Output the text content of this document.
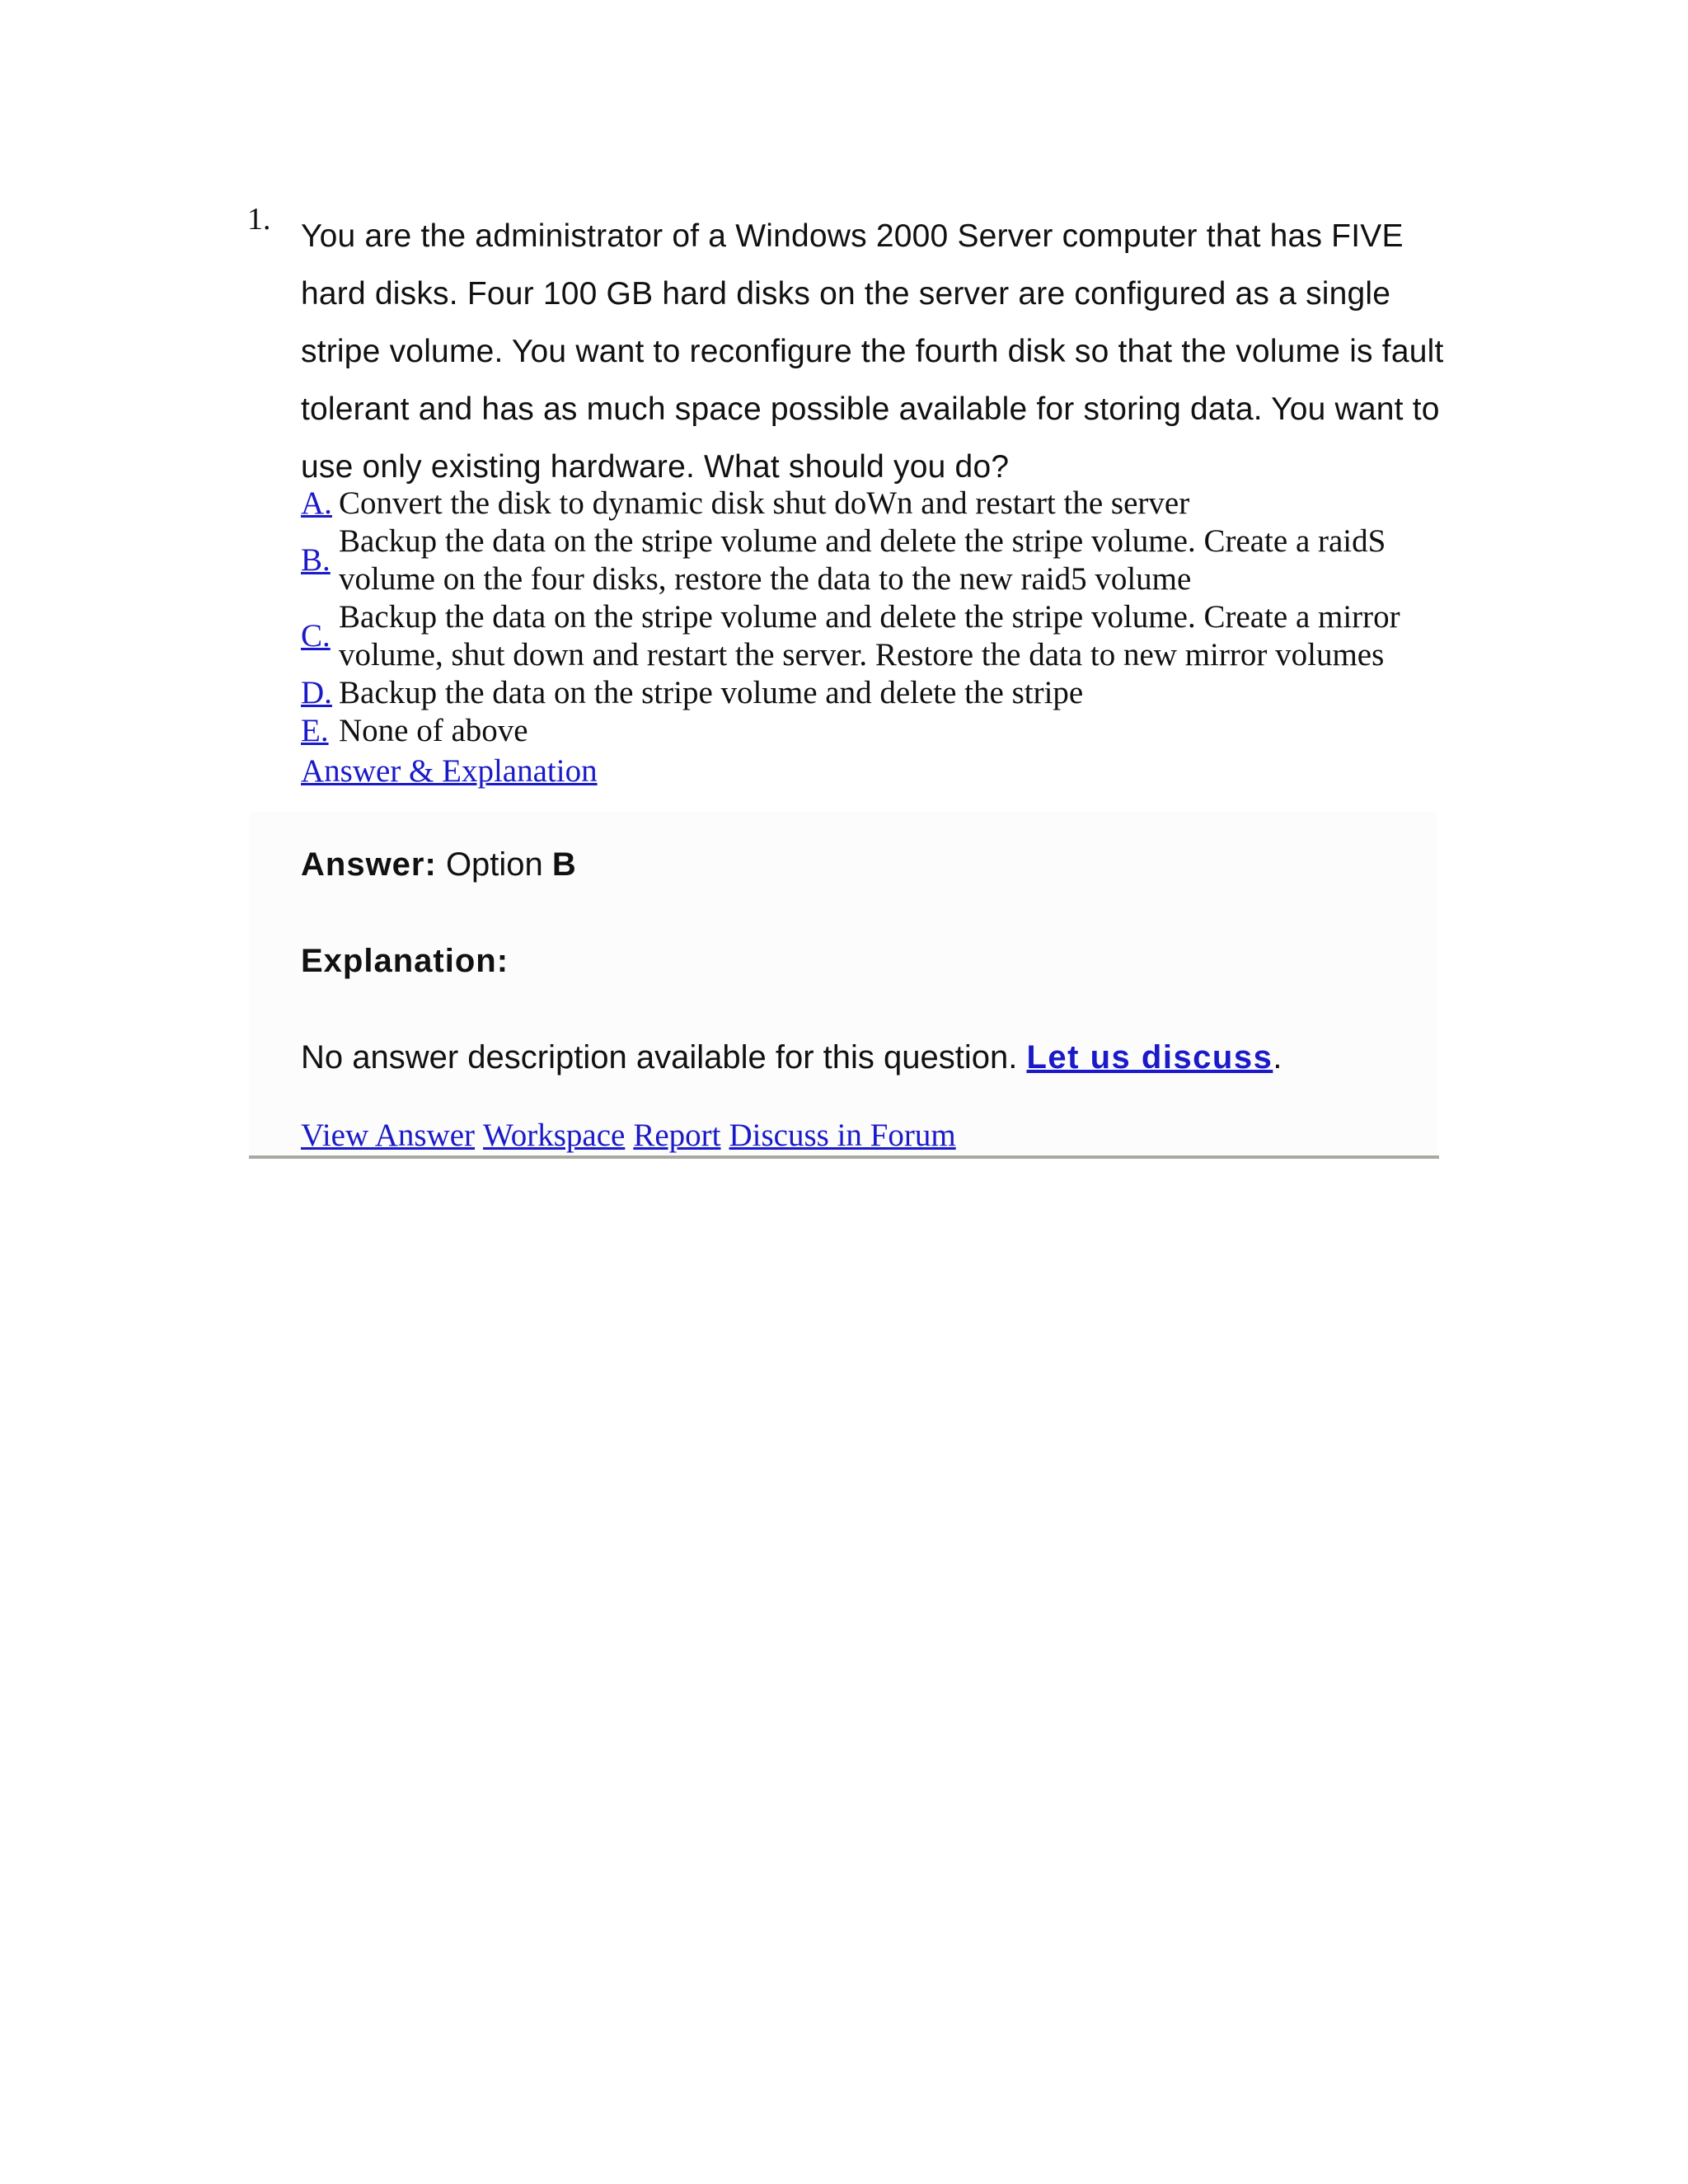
1. You are the administrator of a Windows 2000 Server computer that has FIVE hard disks. Four 100 GB hard disks on the server are configured as a single stripe volume. You want to reconfigure the fourth disk so that the volume is fault tolerant and has as much space possible available for storing data. You want to use only existing hardware. What should you do?
A. Convert the disk to dynamic disk shut doWn and restart the server
B.
Backup the data on the stripe volume and delete the stripe volume. Create a raidS volume on the four disks, restore the data to the new raid5 volume
C.
Backup the data on the stripe volume and delete the stripe volume. Create a mirror volume, shut down and restart the server. Restore the data to new mirror volumes
D. Backup the data on the stripe volume and delete the stripe
E. None of above
Answer & Explanation
Answer: Option B
Explanation:
No answer description available for this question. Let us discuss.
View Answer Workspace Report Discuss in Forum
